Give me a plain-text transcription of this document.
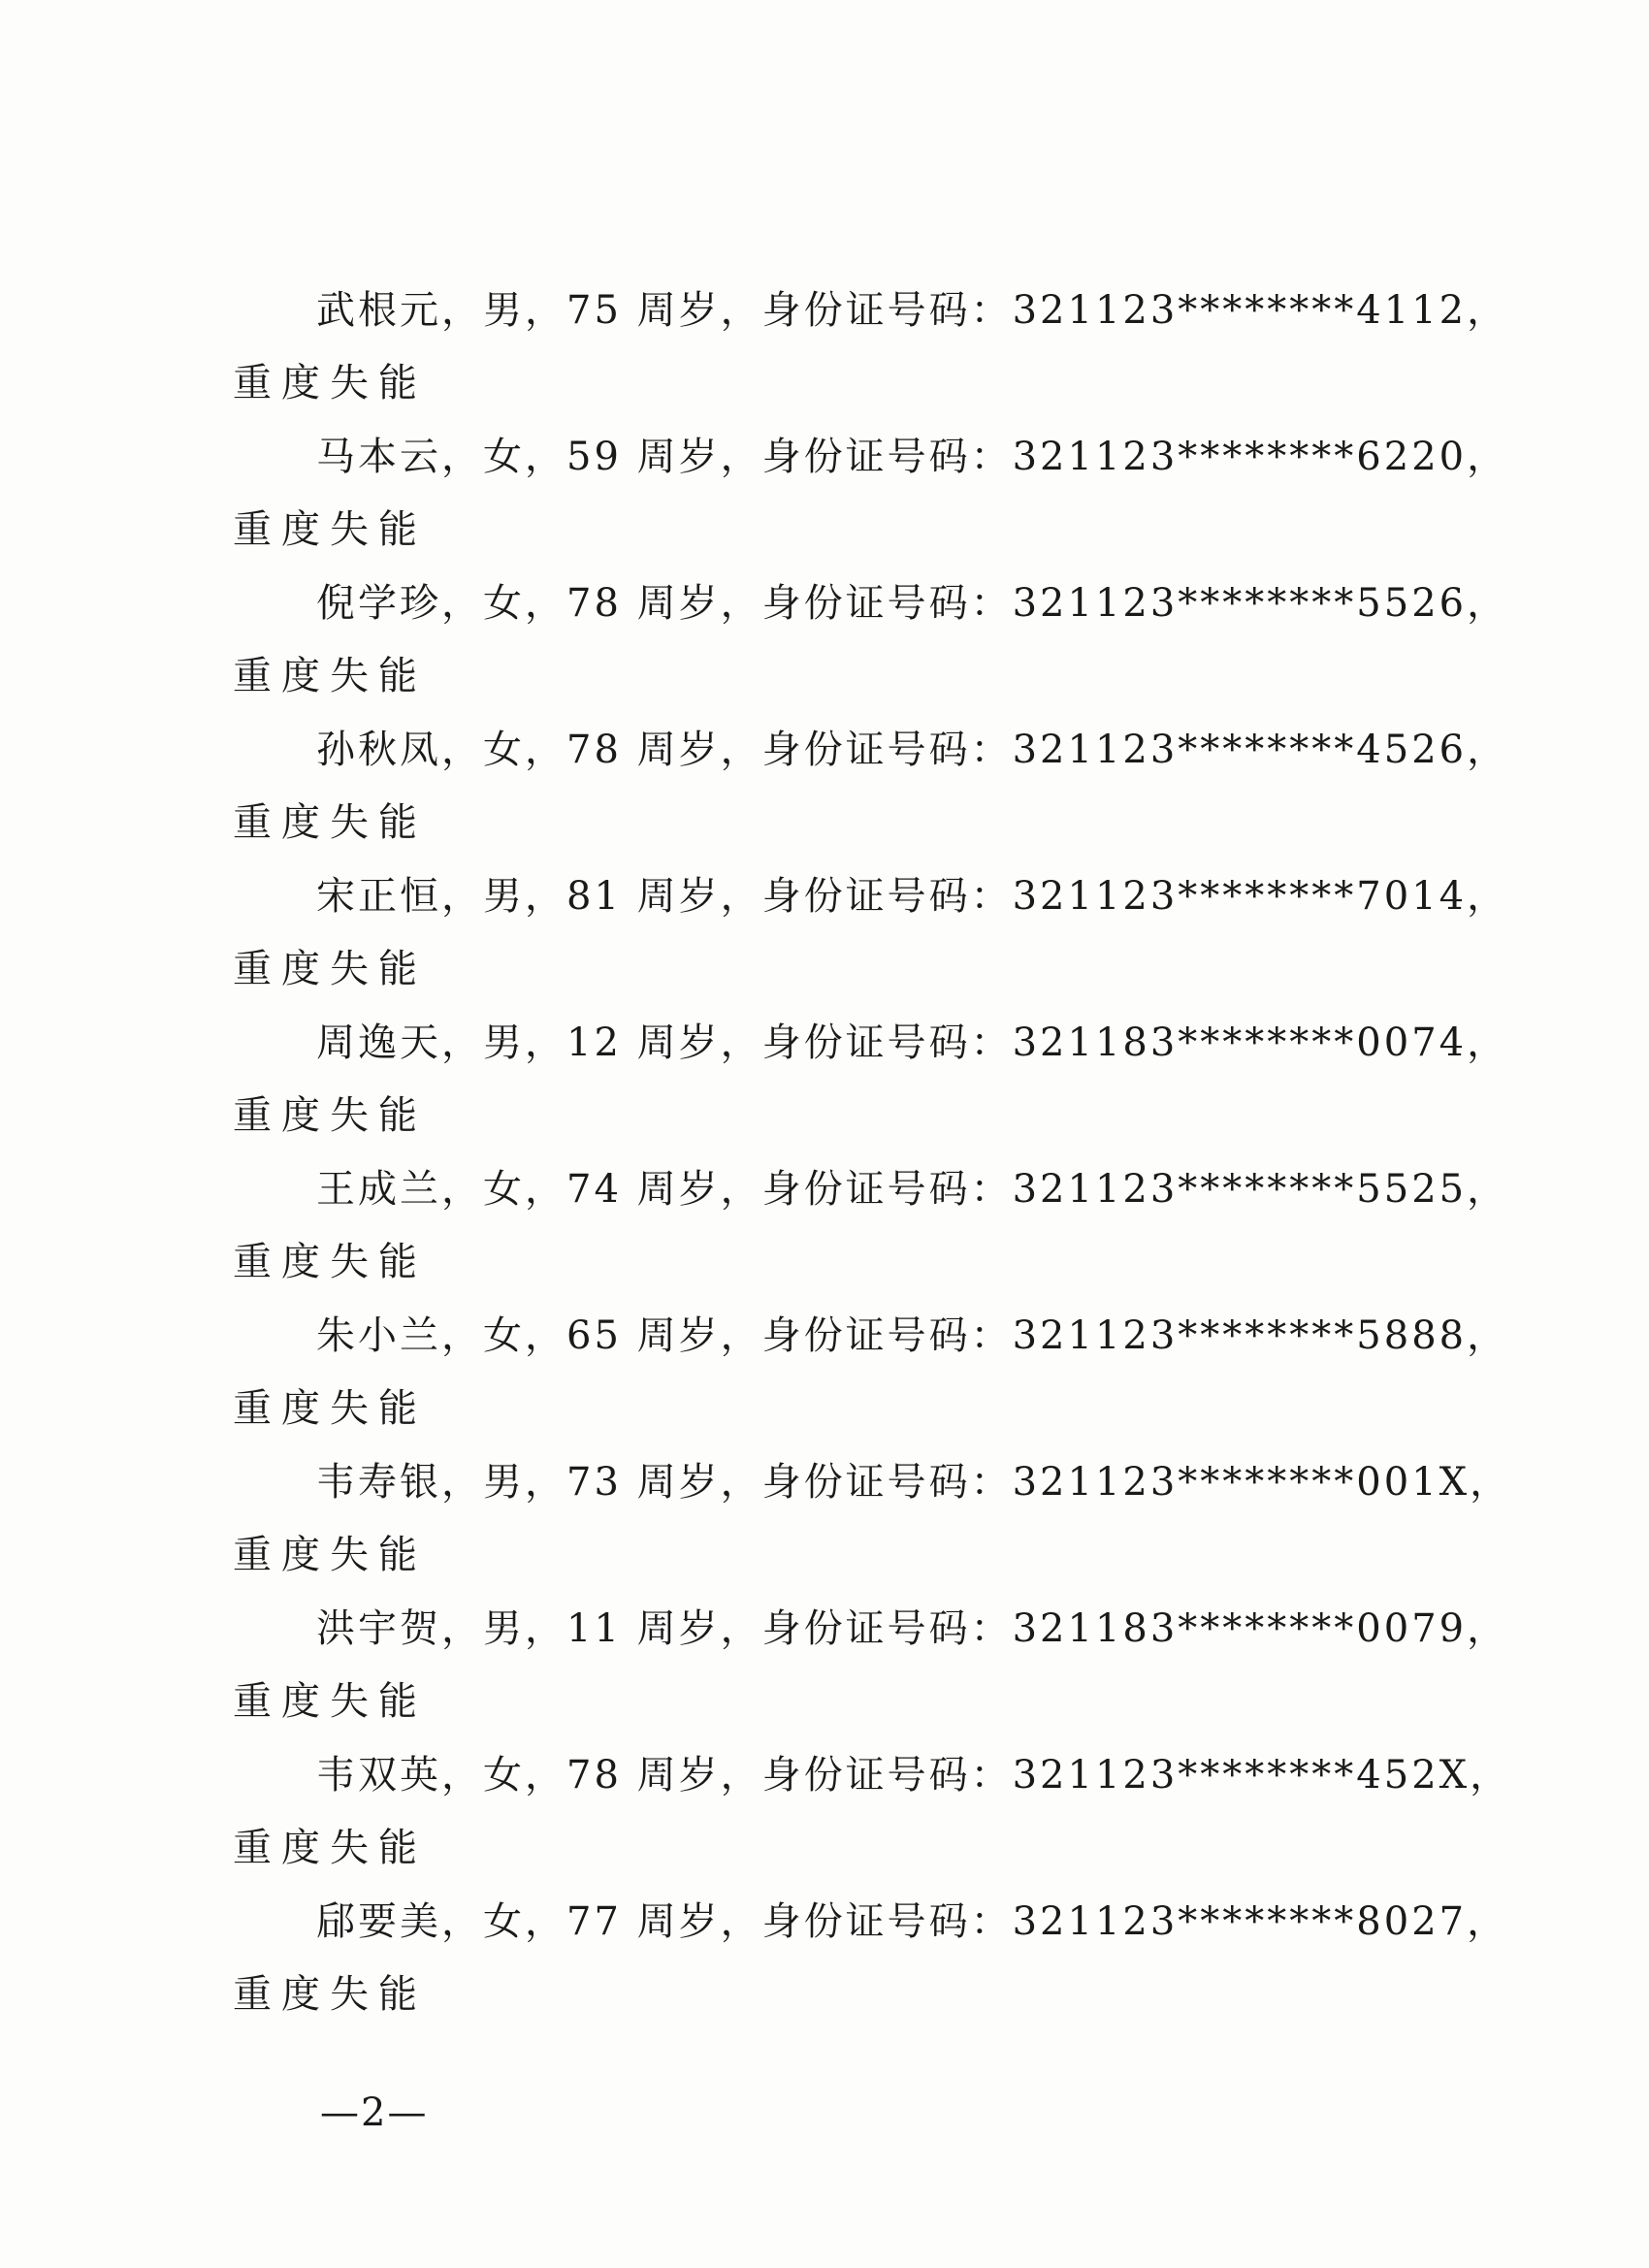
武根元，男，75 周岁，身份证号码：321123********4112，
重度失能
马本云，女，59 周岁，身份证号码：321123********6220，
重度失能
倪学珍，女，78 周岁，身份证号码：321123********5526，
重度失能
孙秋凤，女，78 周岁，身份证号码：321123********4526，
重度失能
宋正恒，男，81 周岁，身份证号码：321123********7014，
重度失能
周逸天，男，12 周岁，身份证号码：321183********0074，
重度失能
王成兰，女，74 周岁，身份证号码：321123********5525，
重度失能
朱小兰，女，65 周岁，身份证号码：321123********5888，
重度失能
韦寿银，男，73 周岁，身份证号码：321123********001X，
重度失能
洪宇贺，男，11 周岁，身份证号码：321183********0079，
重度失能
韦双英，女，78 周岁，身份证号码：321123********452X，
重度失能
郈要美，女，77 周岁，身份证号码：321123********8027，
重度失能
—2—
